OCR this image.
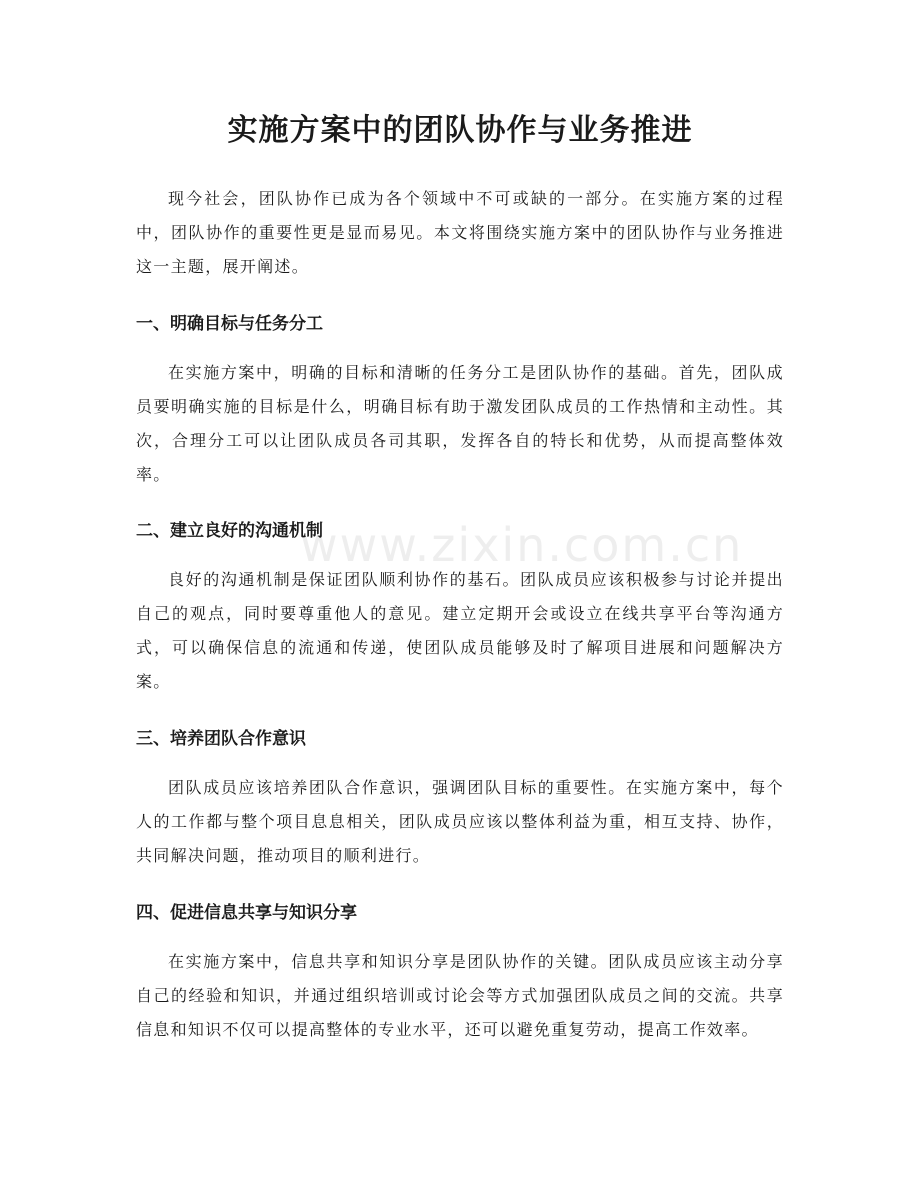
www.zixin.com.cn
实施方案中的团队协作与业务推进

现今社会，团队协作已成为各个领域中不可或缺的一部分。在实施方案的过程中，团队协作的重要性更是显而易见。本文将围绕实施方案中的团队协作与业务推进这一主题，展开阐述。

一、明确目标与任务分工

在实施方案中，明确的目标和清晰的任务分工是团队协作的基础。首先，团队成员要明确实施的目标是什么，明确目标有助于激发团队成员的工作热情和主动性。其次，合理分工可以让团队成员各司其职，发挥各自的特长和优势，从而提高整体效率。

二、建立良好的沟通机制

良好的沟通机制是保证团队顺利协作的基石。团队成员应该积极参与讨论并提出自己的观点，同时要尊重他人的意见。建立定期开会或设立在线共享平台等沟通方式，可以确保信息的流通和传递，使团队成员能够及时了解项目进展和问题解决方案。

三、培养团队合作意识

团队成员应该培养团队合作意识，强调团队目标的重要性。在实施方案中，每个人的工作都与整个项目息息相关，团队成员应该以整体利益为重，相互支持、协作，共同解决问题，推动项目的顺利进行。

四、促进信息共享与知识分享

在实施方案中，信息共享和知识分享是团队协作的关键。团队成员应该主动分享自己的经验和知识，并通过组织培训或讨论会等方式加强团队成员之间的交流。共享信息和知识不仅可以提高整体的专业水平，还可以避免重复劳动，提高工作效率。
